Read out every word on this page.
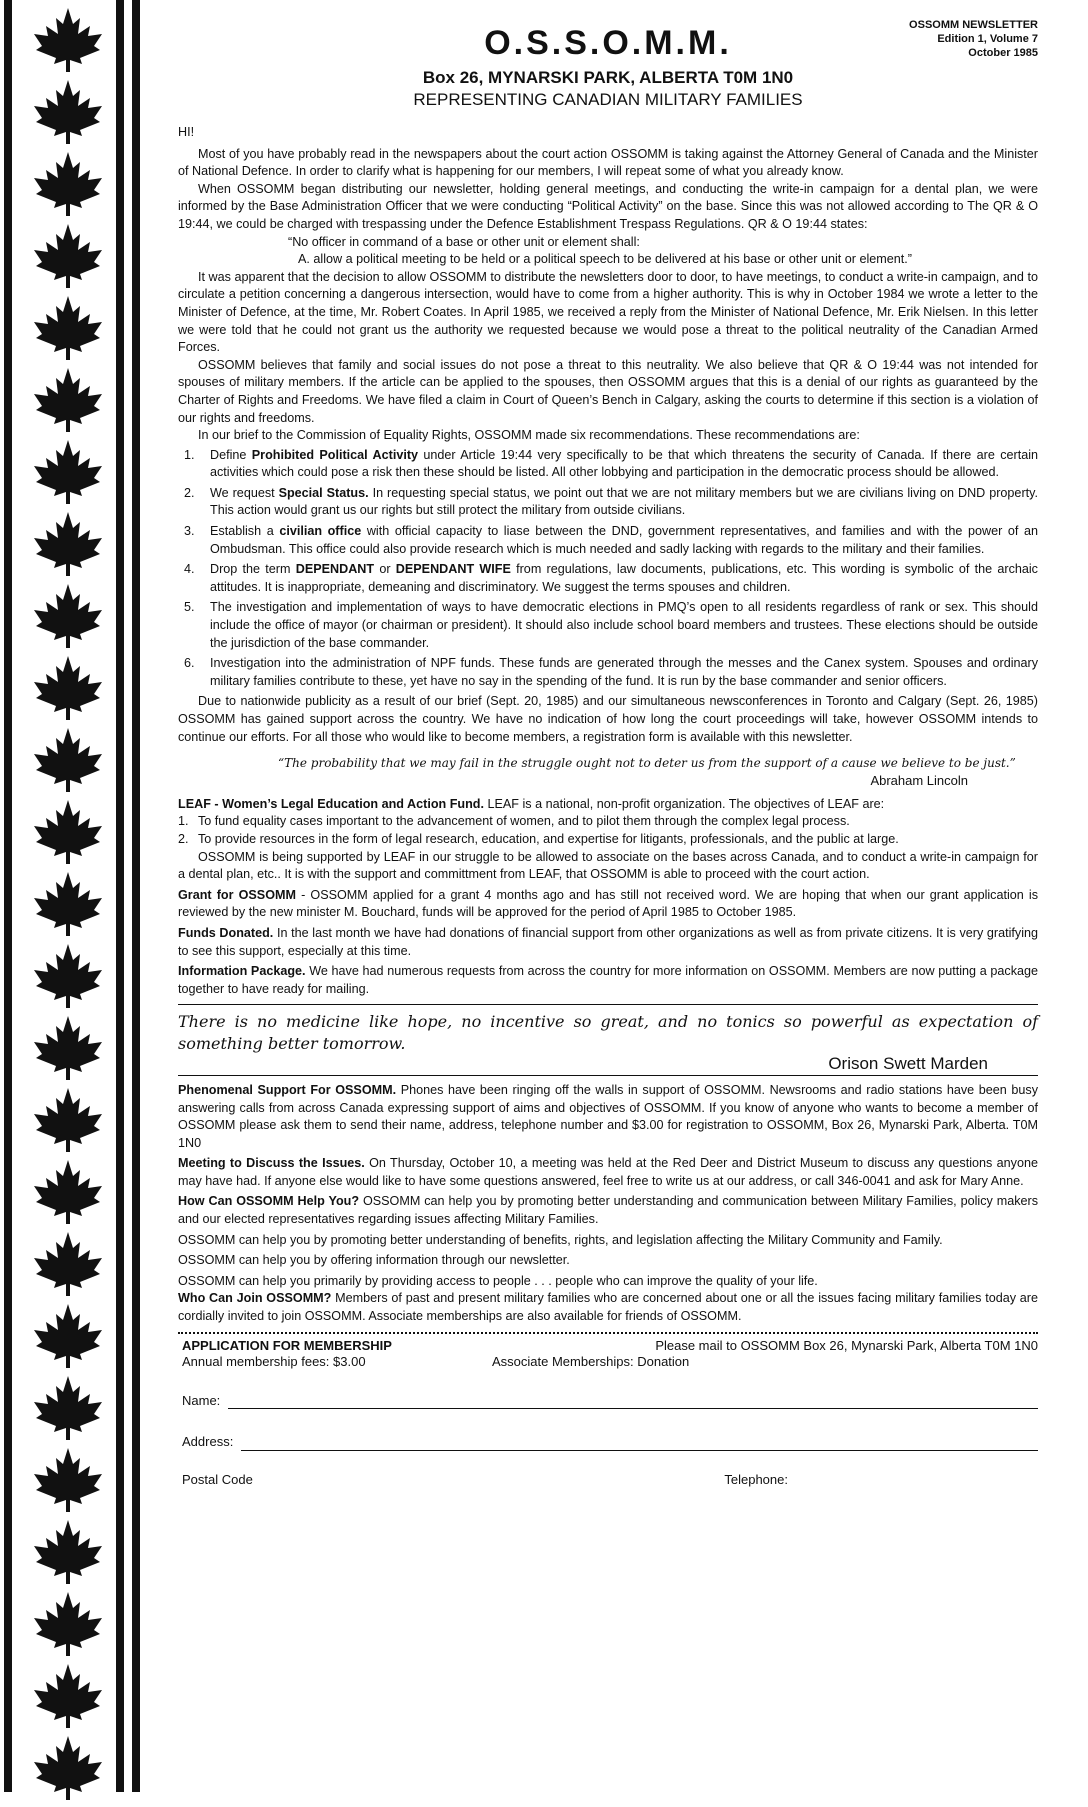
O.S.S.O.M.M.
Box 26, MYNARSKI PARK, ALBERTA T0M 1N0
REPRESENTING CANADIAN MILITARY FAMILIES
OSSOMM NEWSLETTER
Edition 1, Volume 7
October 1985

HI!

Most of you have probably read in the newspapers about the court action OSSOMM is taking against the Attorney General of Canada and the Minister of National Defence. In order to clarify what is happening for our members, I will repeat some of what you already know.

When OSSOMM began distributing our newsletter, holding general meetings, and conducting the write-in campaign for a dental plan, we were informed by the Base Administration Officer that we were conducting “Political Activity” on the base. Since this was not allowed according to The QR & O 19:44, we could be charged with trespassing under the Defence Establishment Trespass Regulations. QR & O 19:44 states:

“No officer in command of a base or other unit or element shall:

A. allow a political meeting to be held or a political speech to be delivered at his base or other unit or element.”

It was apparent that the decision to allow OSSOMM to distribute the newsletters door to door, to have meetings, to conduct a write-in campaign, and to circulate a petition concerning a dangerous intersection, would have to come from a higher authority. This is why in October 1984 we wrote a letter to the Minister of Defence, at the time, Mr. Robert Coates. In April 1985, we received a reply from the Minister of National Defence, Mr. Erik Nielsen. In this letter we were told that he could not grant us the authority we requested because we would pose a threat to the political neutrality of the Canadian Armed Forces.

OSSOMM believes that family and social issues do not pose a threat to this neutrality. We also believe that QR & O 19:44 was not intended for spouses of military members. If the article can be applied to the spouses, then OSSOMM argues that this is a denial of our rights as guaranteed by the Charter of Rights and Freedoms. We have filed a claim in Court of Queen’s Bench in Calgary, asking the courts to determine if this section is a violation of our rights and freedoms.

In our brief to the Commission of Equality Rights, OSSOMM made six recommendations. These recommendations are:

1. Define Prohibited Political Activity under Article 19:44 very specifically to be that which threatens the security of Canada. If there are certain activities which could pose a risk then these should be listed. All other lobbying and participation in the democratic process should be allowed.
2. We request Special Status. In requesting special status, we point out that we are not military members but we are civilians living on DND property. This action would grant us our rights but still protect the military from outside civilians.
3. Establish a civilian office with official capacity to liase between the DND, government representatives, and families and with the power of an Ombudsman. This office could also provide research which is much needed and sadly lacking with regards to the military and their families.
4. Drop the term DEPENDANT or DEPENDANT WIFE from regulations, law documents, publications, etc. This wording is symbolic of the archaic attitudes. It is inappropriate, demeaning and discriminatory. We suggest the terms spouses and children.
5. The investigation and implementation of ways to have democratic elections in PMQ’s open to all residents regardless of rank or sex. This should include the office of mayor (or chairman or president). It should also include school board members and trustees. These elections should be outside the jurisdiction of the base commander.
6. Investigation into the administration of NPF funds. These funds are generated through the messes and the Canex system. Spouses and ordinary military families contribute to these, yet have no say in the spending of the fund. It is run by the base commander and senior officers.

Due to nationwide publicity as a result of our brief (Sept. 20, 1985) and our simultaneous newsconferences in Toronto and Calgary (Sept. 26, 1985) OSSOMM has gained support across the country. We have no indication of how long the court proceedings will take, however OSSOMM intends to continue our efforts. For all those who would like to become members, a registration form is available with this newsletter.

“The probability that we may fail in the struggle ought not to deter us from the support of a cause we believe to be just.”

Abraham Lincoln

LEAF - Women’s Legal Education and Action Fund. LEAF is a national, non-profit organization. The objectives of LEAF are:

1. To fund equality cases important to the advancement of women, and to pilot them through the complex legal process.
2. To provide resources in the form of legal research, education, and expertise for litigants, professionals, and the public at large.

OSSOMM is being supported by LEAF in our struggle to be allowed to associate on the bases across Canada, and to conduct a write-in campaign for a dental plan, etc.. It is with the support and committment from LEAF, that OSSOMM is able to proceed with the court action.

Grant for OSSOMM - OSSOMM applied for a grant 4 months ago and has still not received word. We are hoping that when our grant application is reviewed by the new minister M. Bouchard, funds will be approved for the period of April 1985 to October 1985.

Funds Donated. In the last month we have had donations of financial support from other organizations as well as from private citizens. It is very gratifying to see this support, especially at this time.

Information Package. We have had numerous requests from across the country for more information on OSSOMM. Members are now putting a package together to have ready for mailing.

There is no medicine like hope, no incentive so great, and no tonics so powerful as expectation of something better tomorrow.

Orison Swett Marden

Phenomenal Support For OSSOMM. Phones have been ringing off the walls in support of OSSOMM. Newsrooms and radio stations have been busy answering calls from across Canada expressing support of aims and objectives of OSSOMM. If you know of anyone who wants to become a member of OSSOMM please ask them to send their name, address, telephone number and $3.00 for registration to OSSOMM, Box 26, Mynarski Park, Alberta. T0M 1N0

Meeting to Discuss the Issues. On Thursday, October 10, a meeting was held at the Red Deer and District Museum to discuss any questions anyone may have had. If anyone else would like to have some questions answered, feel free to write us at our address, or call 346-0041 and ask for Mary Anne.

How Can OSSOMM Help You? OSSOMM can help you by promoting better understanding and communication between Military Families, policy makers and our elected representatives regarding issues affecting Military Families.

OSSOMM can help you by promoting better understanding of benefits, rights, and legislation affecting the Military Community and Family.

OSSOMM can help you by offering information through our newsletter.

OSSOMM can help you primarily by providing access to people . . . people who can improve the quality of your life.

Who Can Join OSSOMM? Members of past and present military families who are concerned about one or all the issues facing military families today are cordially invited to join OSSOMM. Associate memberships are also available for friends of OSSOMM.

APPLICATION FOR MEMBERSHIP	Please mail to OSSOMM Box 26, Mynarski Park, Alberta T0M 1N0
Annual membership fees: $3.00	Associate Memberships: Donation
Name:
Address:
Postal Code	Telephone:
